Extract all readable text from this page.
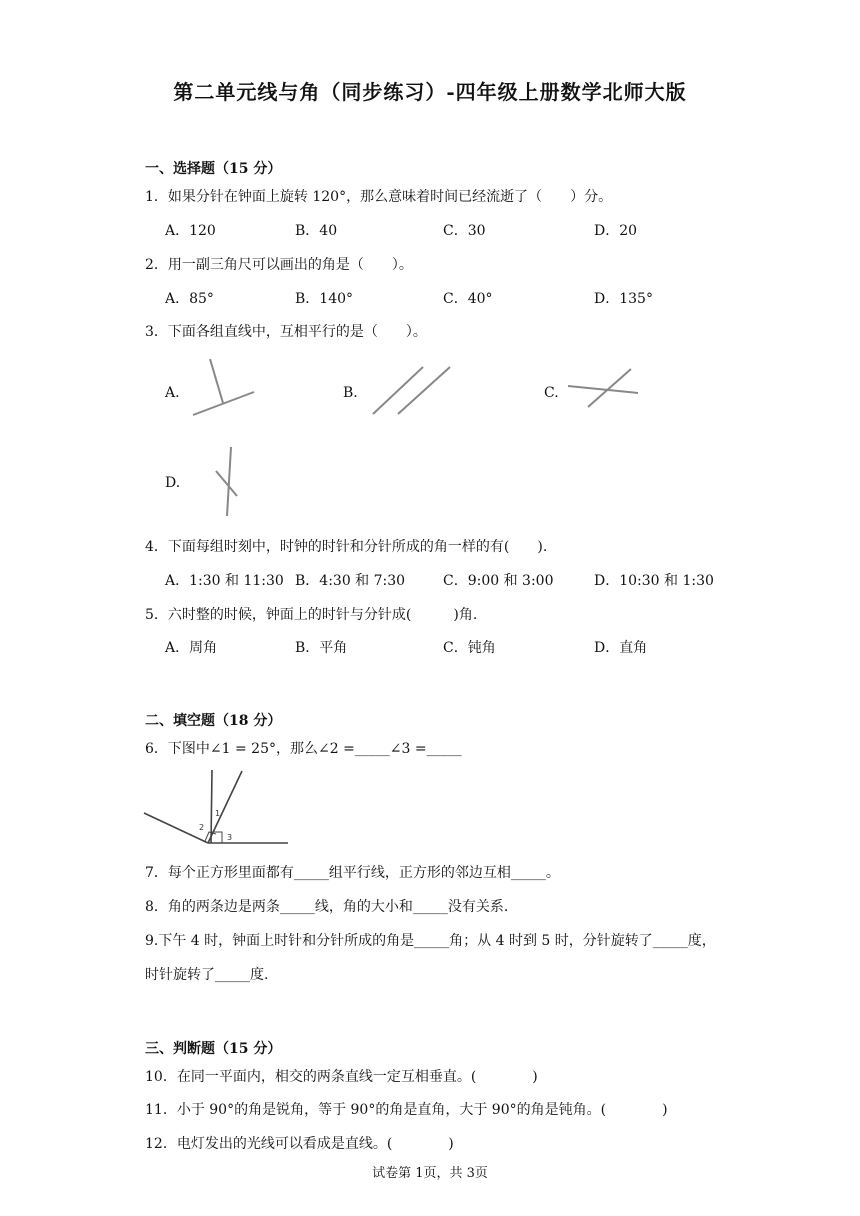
第二单元线与角（同步练习）-四年级上册数学北师大版
一、选择题（15 分）
1．如果分针在钟面上旋转 120°，那么意味着时间已经流逝了（　　）分。
A．120	B．40	C．30	D．20
2．用一副三角尺可以画出的角是（　　）。
A．85°	B．140°	C．40°	D．135°
3．下面各组直线中，互相平行的是（　　）。
A.	B.	C.
D.
4．下面每组时刻中，时钟的时针和分针所成的角一样的有(　　).
A．1:30 和 11:30 B．4:30 和 7:30	C．9:00 和 3:00	D．10:30 和 1:30
5．六时整的时候，钟面上的时针与分针成(　　　)角.
A．周角	B．平角	C．钝角	D．直角
二、填空题（18 分）
6．下图中∠1 = 25°，那么∠2 =_____∠3 =_____
1
2
3
7．每个正方形里面都有_____组平行线，正方形的邻边互相_____。
8．角的两条边是两条_____线，角的大小和_____没有关系.
9.下午 4 时，钟面上时针和分针所成的角是_____角；从 4 时到 5 时，分针旋转了_____度，
时针旋转了_____度.
三、判断题（15 分）
10．在同一平面内，相交的两条直线一定互相垂直。(　　　　)
11．小于 90°的角是锐角，等于 90°的角是直角，大于 90°的角是钝角。(　　　　)
12．电灯发出的光线可以看成是直线。(　　　　)
试卷第 1页，共 3页
